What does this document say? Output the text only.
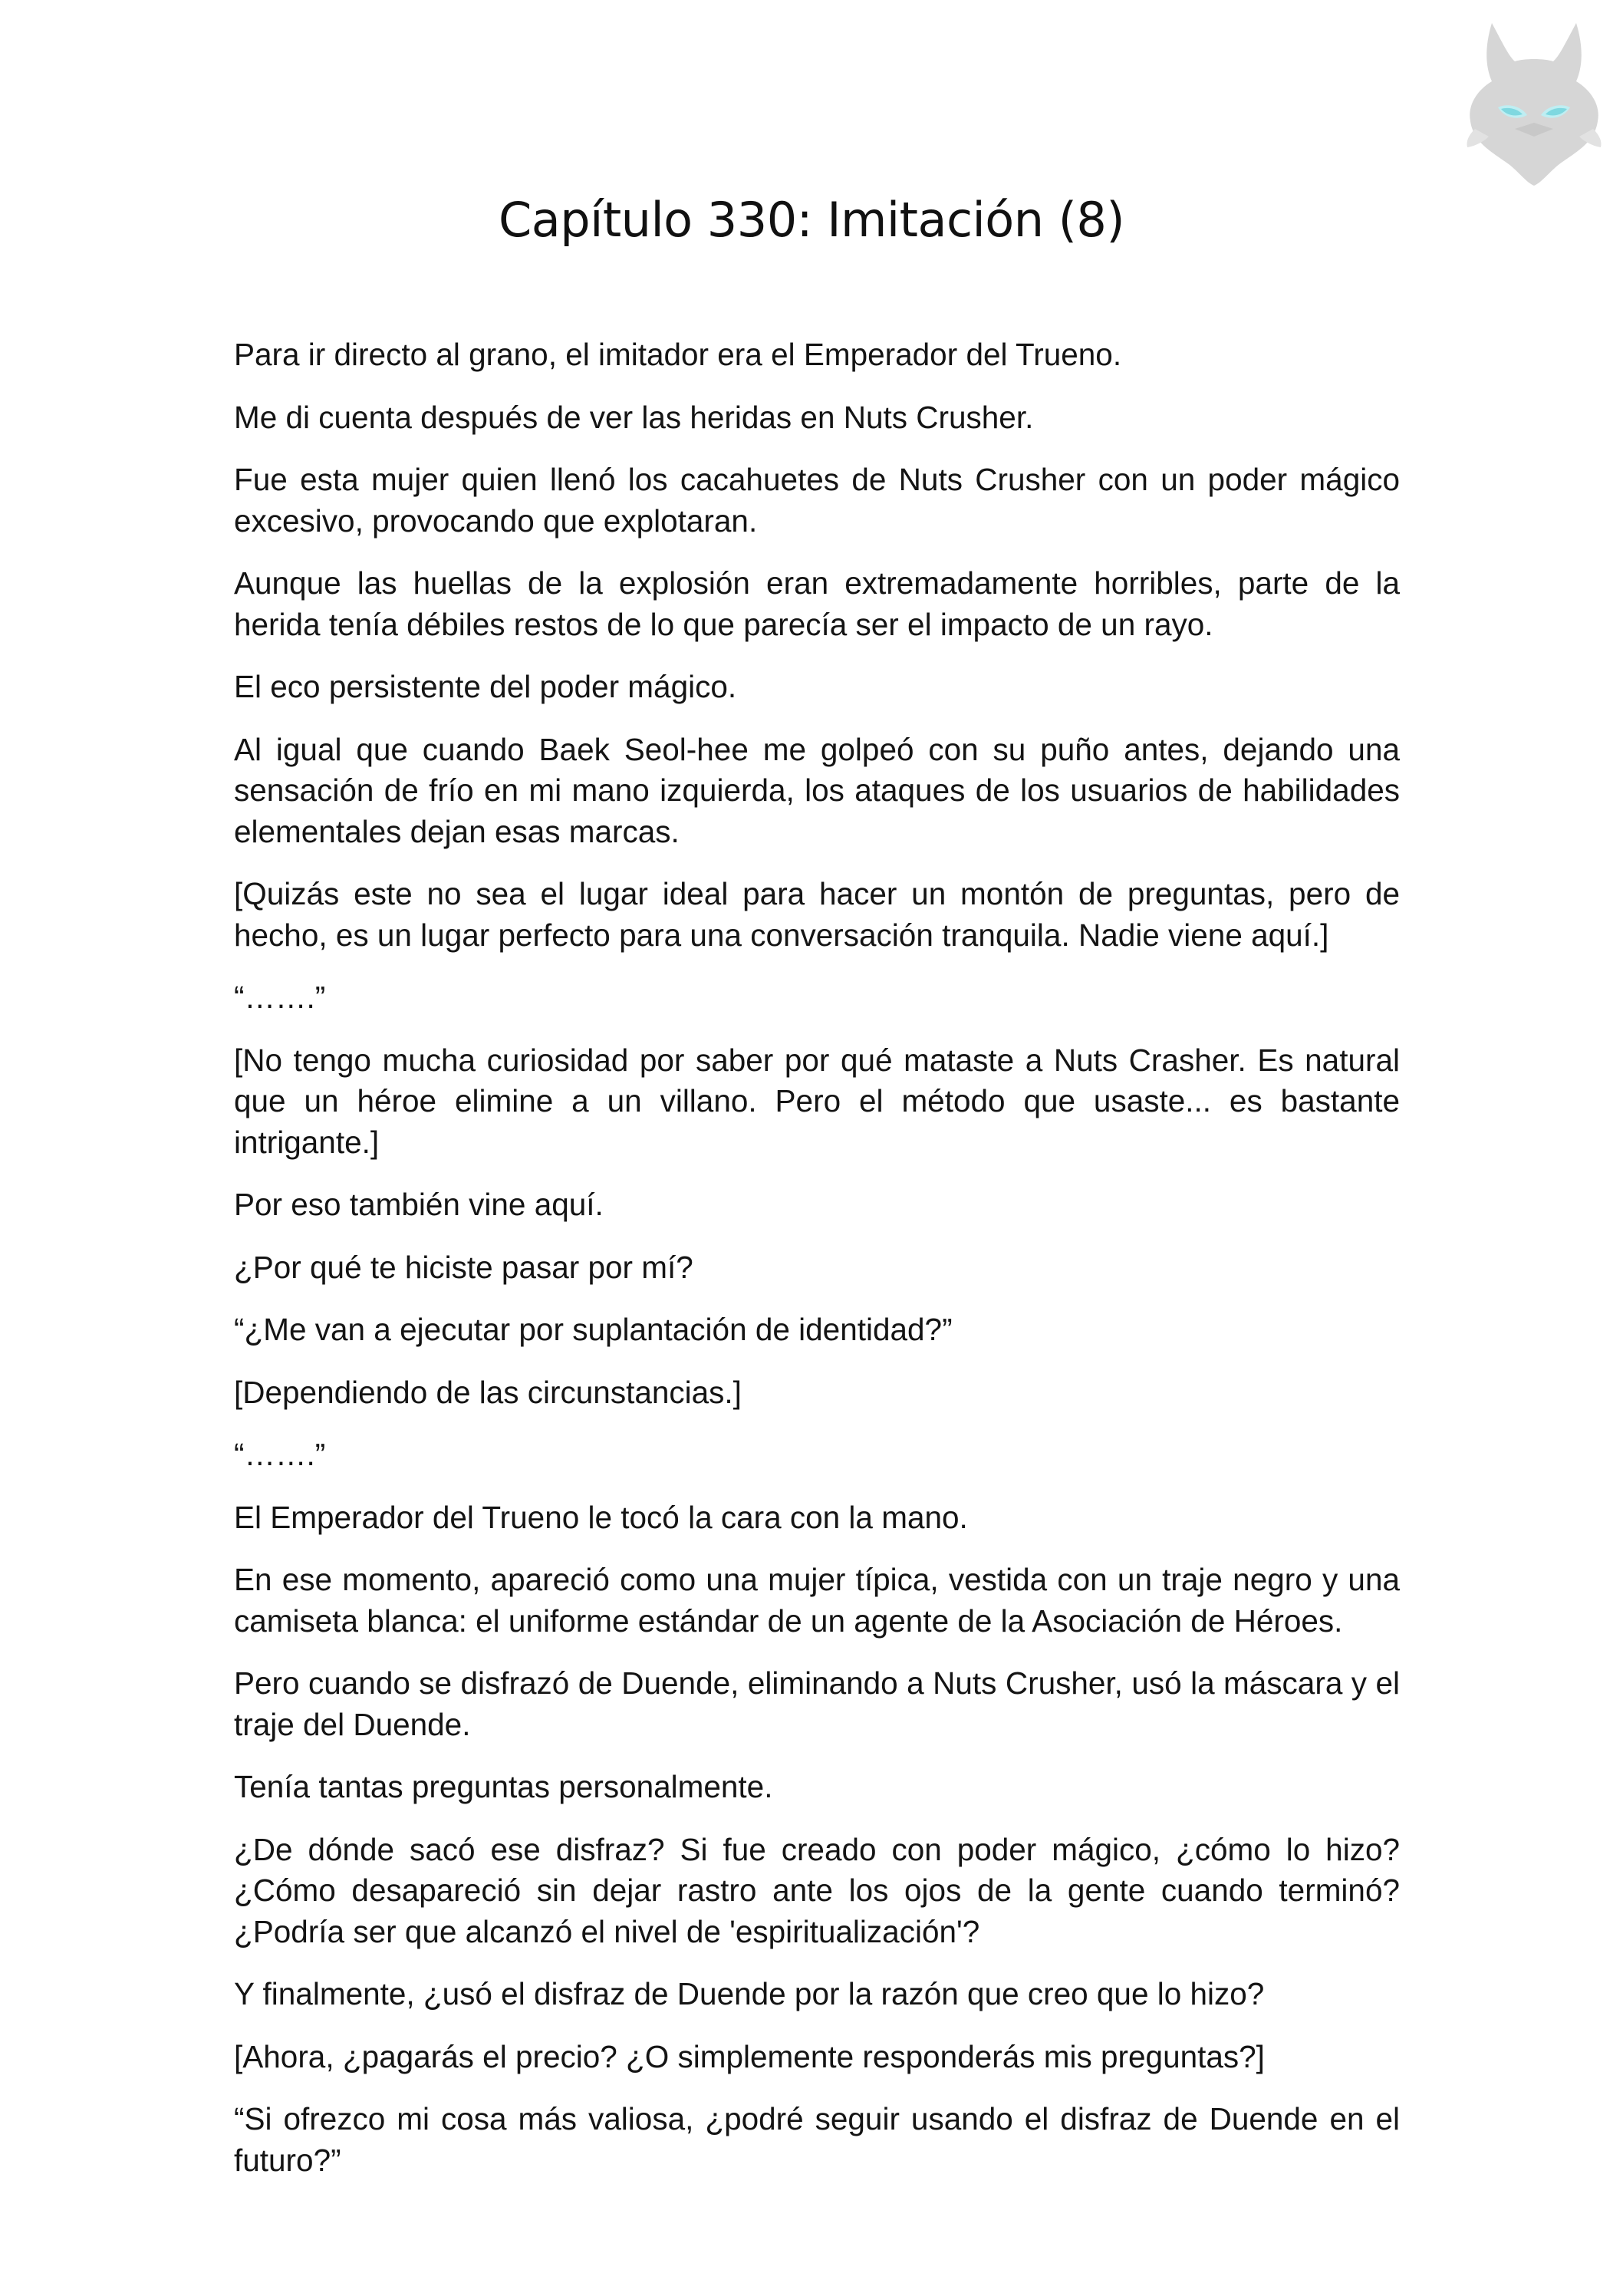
Capítulo 330: Imitación (8)

Para ir directo al grano, el imitador era el Emperador del Trueno.

Me di cuenta después de ver las heridas en Nuts Crusher.

Fue esta mujer quien llenó los cacahuetes de Nuts Crusher con un poder mágico excesivo, provocando que explotaran.

Aunque las huellas de la explosión eran extremadamente horribles, parte de la herida tenía débiles restos de lo que parecía ser el impacto de un rayo.

El eco persistente del poder mágico.

Al igual que cuando Baek Seol-hee me golpeó con su puño antes, dejando una sensación de frío en mi mano izquierda, los ataques de los usuarios de habilidades elementales dejan esas marcas.

[Quizás este no sea el lugar ideal para hacer un montón de preguntas, pero de hecho, es un lugar perfecto para una conversación tranquila. Nadie viene aquí.]

“…….”

[No tengo mucha curiosidad por saber por qué mataste a Nuts Crasher. Es natural que un héroe elimine a un villano. Pero el método que usaste... es bastante intrigante.]

Por eso también vine aquí.

¿Por qué te hiciste pasar por mí?

“¿Me van a ejecutar por suplantación de identidad?”

[Dependiendo de las circunstancias.]

“…….”

El Emperador del Trueno le tocó la cara con la mano.

En ese momento, apareció como una mujer típica, vestida con un traje negro y una camiseta blanca: el uniforme estándar de un agente de la Asociación de Héroes.

Pero cuando se disfrazó de Duende, eliminando a Nuts Crusher, usó la máscara y el traje del Duende.

Tenía tantas preguntas personalmente.

¿De dónde sacó ese disfraz? Si fue creado con poder mágico, ¿cómo lo hizo? ¿Cómo desapareció sin dejar rastro ante los ojos de la gente cuando terminó? ¿Podría ser que alcanzó el nivel de 'espiritualización'?

Y finalmente, ¿usó el disfraz de Duende por la razón que creo que lo hizo?

[Ahora, ¿pagarás el precio? ¿O simplemente responderás mis preguntas?]

“Si ofrezco mi cosa más valiosa, ¿podré seguir usando el disfraz de Duende en el futuro?”
